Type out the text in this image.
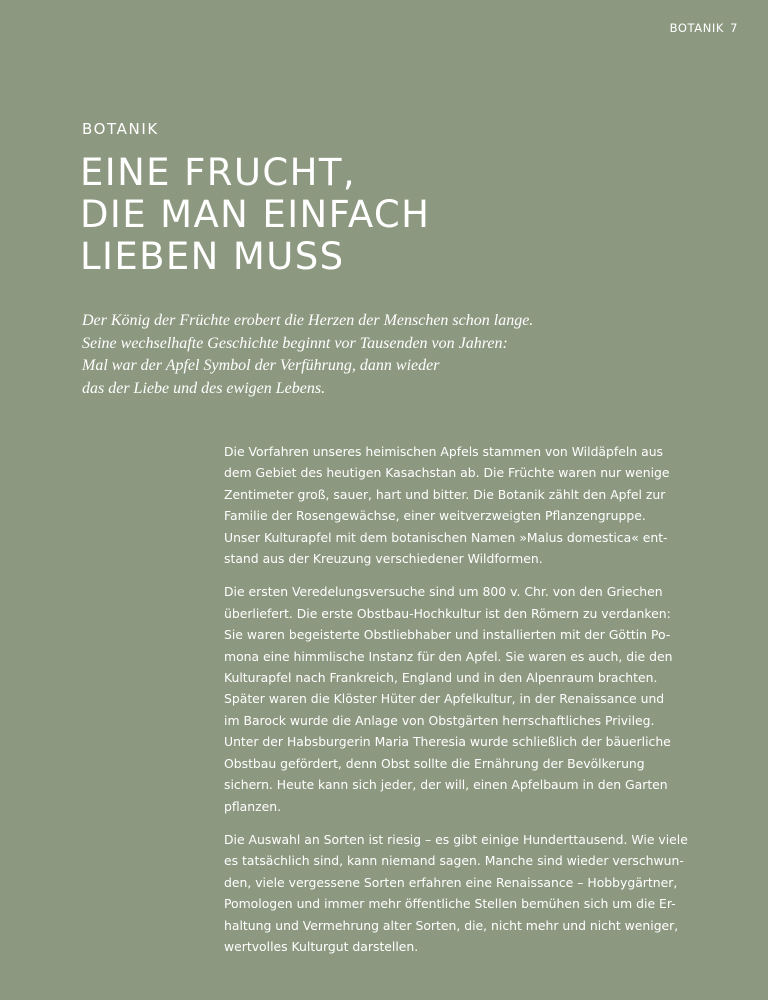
BOTANIK 7
BOTANIK
EINE FRUCHT,
DIE MAN EINFACH
LIEBEN MUSS
Der König der Früchte erobert die Herzen der Menschen schon lange.
Seine wechselhafte Geschichte beginnt vor Tausenden von Jahren:
Mal war der Apfel Symbol der Verführung, dann wieder
das der Liebe und des ewigen Lebens.

Die Vorfahren unseres heimischen Apfels stammen von Wildäpfeln aus
dem Gebiet des heutigen Kasachstan ab. Die Früchte waren nur wenige
Zentimeter groß, sauer, hart und bitter. Die Botanik zählt den Apfel zur
Familie der Rosengewächse, einer weitverzweigten Pflanzengruppe.
Unser Kulturapfel mit dem botanischen Namen »Malus domestica« ent-
stand aus der Kreuzung verschiedener Wildformen.

Die ersten Veredelungsversuche sind um 800 v. Chr. von den Griechen
überliefert. Die erste Obstbau-Hochkultur ist den Römern zu verdanken:
Sie waren begeisterte Obstliebhaber und installierten mit der Göttin Po-
mona eine himmlische Instanz für den Apfel. Sie waren es auch, die den
Kulturapfel nach Frankreich, England und in den Alpenraum brachten.
Später waren die Klöster Hüter der Apfelkultur, in der Renaissance und
im Barock wurde die Anlage von Obstgärten herrschaftliches Privileg.
Unter der Habsburgerin Maria Theresia wurde schließlich der bäuerliche
Obstbau gefördert, denn Obst sollte die Ernährung der Bevölkerung
sichern. Heute kann sich jeder, der will, einen Apfelbaum in den Garten
pflanzen.

Die Auswahl an Sorten ist riesig – es gibt einige Hunderttausend. Wie viele
es tatsächlich sind, kann niemand sagen. Manche sind wieder verschwun-
den, viele vergessene Sorten erfahren eine Renaissance – Hobbygärtner,
Pomologen und immer mehr öffentliche Stellen bemühen sich um die Er-
haltung und Vermehrung alter Sorten, die, nicht mehr und nicht weniger,
wertvolles Kulturgut darstellen.
